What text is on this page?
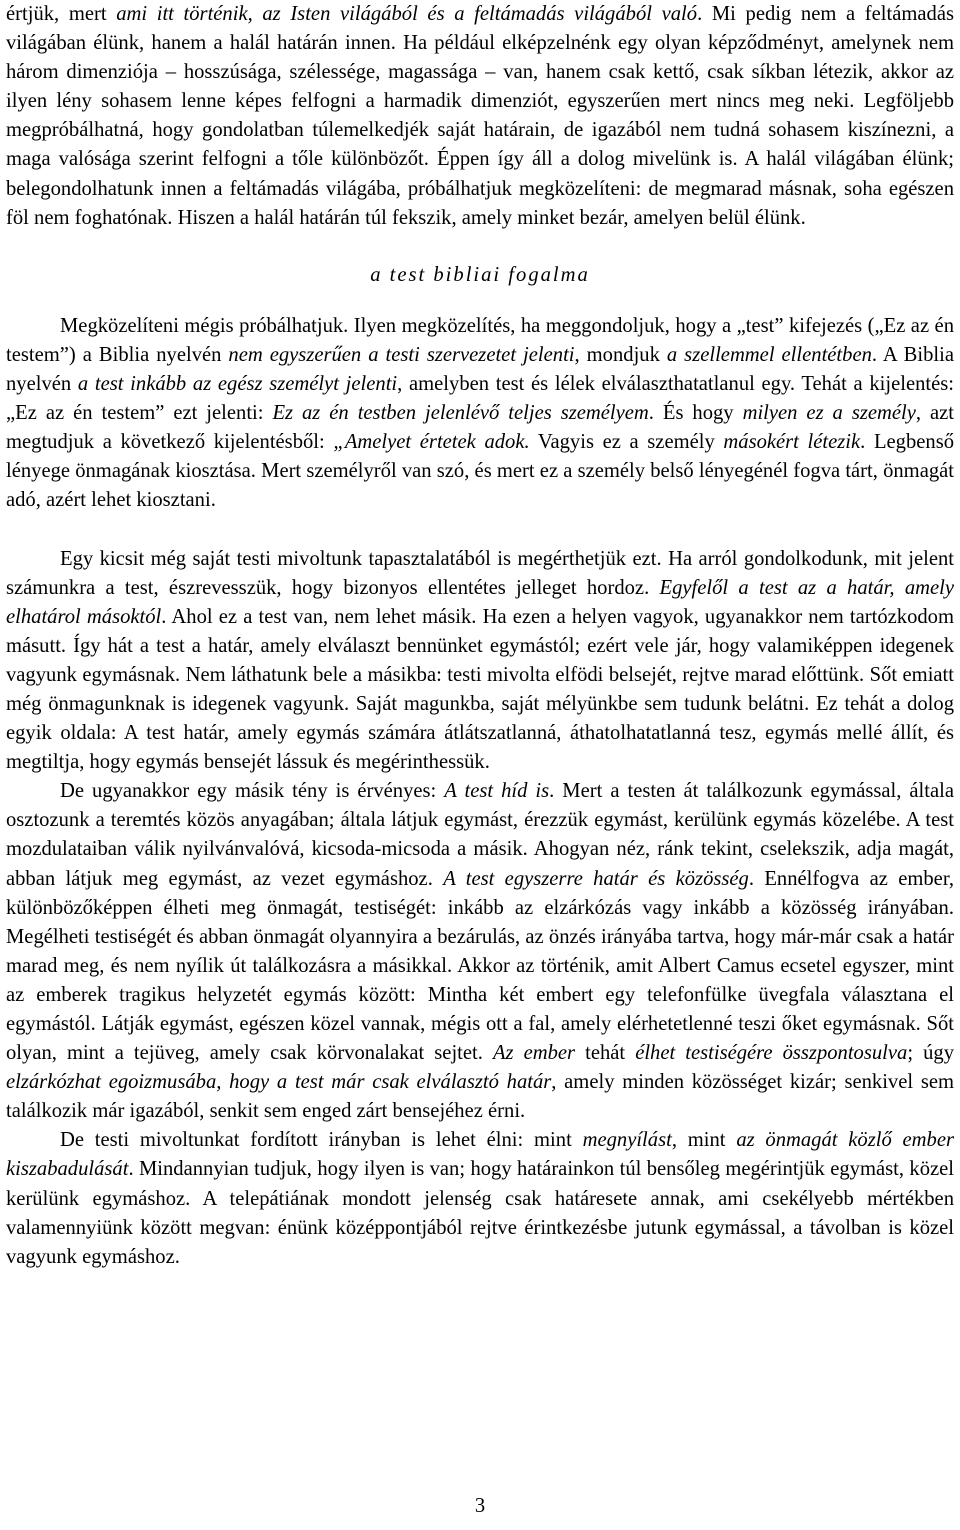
értjük, mert ami itt történik, az Isten világából és a feltámadás világából való. Mi pedig nem a feltámadás világában élünk, hanem a halál határán innen. Ha például elképzelnénk egy olyan képződményt, amelynek nem három dimenziója – hosszúsága, szélessége, magassága – van, hanem csak kettő, csak síkban létezik, akkor az ilyen lény sohasem lenne képes felfogni a harmadik dimenziót, egyszerűen mert nincs meg neki. Legföljebb megpróbálhatná, hogy gondolatban túlemelkedjék saját határain, de igazából nem tudná sohasem kiszínezni, a maga valósága szerint felfogni a tőle különbözőt. Éppen így áll a dolog mivelünk is. A halál világában élünk; belegondolhatunk innen a feltámadás világába, próbálhatjuk megközelíteni: de megmarad másnak, soha egészen föl nem foghatónak. Hiszen a halál határán túl fekszik, amely minket bezár, amelyen belül élünk.

a test bibliai fogalma

Megközelíteni mégis próbálhatjuk. Ilyen megközelítés, ha meggondoljuk, hogy a „test” kifejezés („Ez az én testem”) a Biblia nyelvén nem egyszerűen a testi szervezetet jelenti, mondjuk a szellemmel ellentétben. A Biblia nyelvén a test inkább az egész személyt jelenti, amelyben test és lélek elválaszthatatlanul egy. Tehát a kijelentés: „Ez az én testem” ezt jelenti: Ez az én testben jelenlévő teljes személyem. És hogy milyen ez a személy, azt megtudjuk a következő kijelentésből: „Amelyet értetek adok. Vagyis ez a személy másokért létezik. Legbenső lényege önmagának kiosztása. Mert személyről van szó, és mert ez a személy belső lényegénél fogva tárt, önmagát adó, azért lehet kiosztani.

Egy kicsit még saját testi mivoltunk tapasztalatából is megérthetjük ezt. Ha arról gondolkodunk, mit jelent számunkra a test, észrevesszük, hogy bizonyos ellentétes jelleget hordoz. Egyfelől a test az a határ, amely elhatárol másoktól. Ahol ez a test van, nem lehet másik. Ha ezen a helyen vagyok, ugyanakkor nem tartózkodom másutt. Így hát a test a határ, amely elválaszt bennünket egymástól; ezért vele jár, hogy valamiképpen idegenek vagyunk egymásnak. Nem láthatunk bele a másikba: testi mivolta elfödi belsejét, rejtve marad előttünk. Sőt emiatt még önmagunknak is idegenek vagyunk. Saját magunkba, saját mélyünkbe sem tudunk belátni. Ez tehát a dolog egyik oldala: A test határ, amely egymás számára átlátszatlanná, áthatolhatatlanná tesz, egymás mellé állít, és megtiltja, hogy egymás bensejét lássuk és megérinthessük.

De ugyanakkor egy másik tény is érvényes: A test híd is. Mert a testen át találkozunk egymással, általa osztozunk a teremtés közös anyagában; általa látjuk egymást, érezzük egymást, kerülünk egymás közelébe. A test mozdulataiban válik nyilvánvalóvá, kicsoda-micsoda a másik. Ahogyan néz, ránk tekint, cselekszik, adja magát, abban látjuk meg egymást, az vezet egymáshoz. A test egyszerre határ és közösség. Ennélfogva az ember, különbözőképpen élheti meg önmagát, testiségét: inkább az elzárkózás vagy inkább a közösség irányában. Megélheti testiségét és abban önmagát olyannyira a bezárulás, az önzés irányába tartva, hogy már-már csak a határ marad meg, és nem nyílik út találkozásra a másikkal. Akkor az történik, amit Albert Camus ecsetel egyszer, mint az emberek tragikus helyzetét egymás között: Mintha két embert egy telefonfülke üvegfala választana el egymástól. Látják egymást, egészen közel vannak, mégis ott a fal, amely elérhetetlenné teszi őket egymásnak. Sőt olyan, mint a tejüveg, amely csak körvonalakat sejtet. Az ember tehát élhet testiségére összpontosulva; úgy elzárkózhat egoizmusába, hogy a test már csak elválasztó határ, amely minden közösséget kizár; senkivel sem találkozik már igazából, senkit sem enged zárt bensejéhez érni.

De testi mivoltunkat fordított irányban is lehet élni: mint megnyílást, mint az önmagát közlő ember kiszabadulását. Mindannyian tudjuk, hogy ilyen is van; hogy határainkon túl bensőleg megérintjük egymást, közel kerülünk egymáshoz. A telepátiának mondott jelenség csak határesete annak, ami csekélyebb mértékben valamennyiünk között megvan: énünk középpontjából rejtve érintkezésbe jutunk egymással, a távolban is közel vagyunk egymáshoz.

3
